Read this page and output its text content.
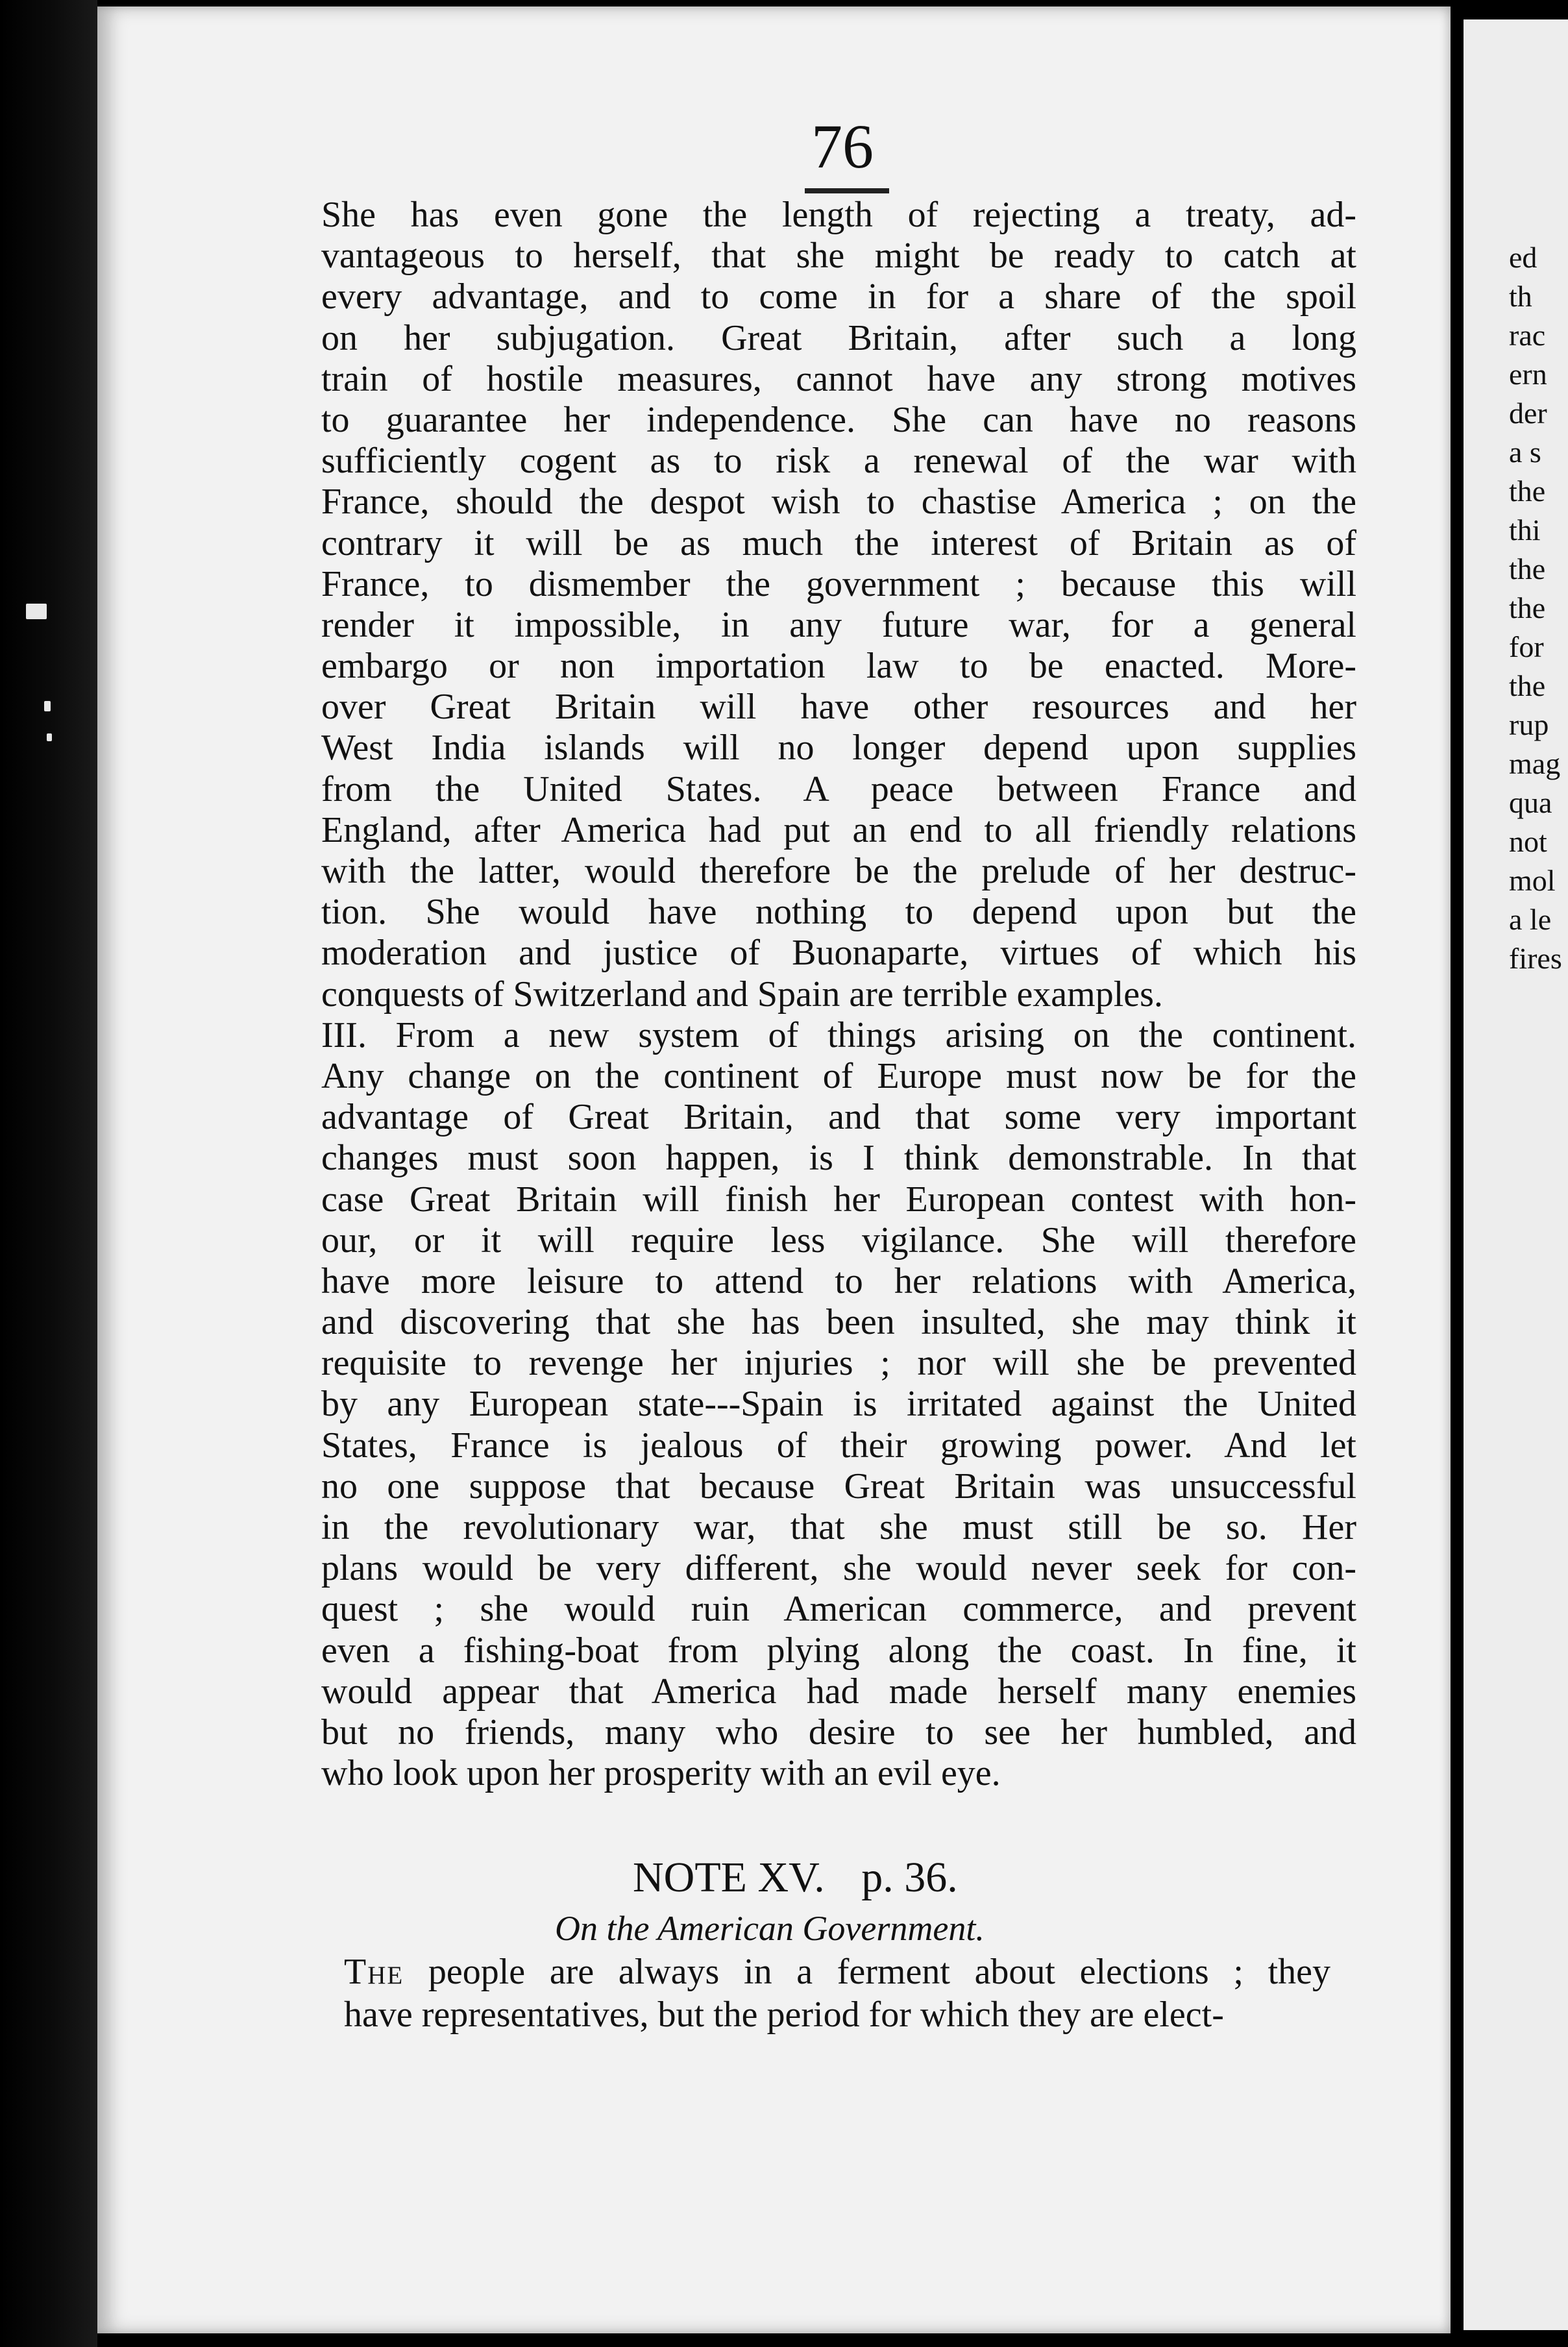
ed
th
rac
ern
der
a s
the
thi
the
the
for
the
rup
mag
qua
not
mol
a le
fires
76
She has even gone the length of rejecting a treaty, ad-
vantageous to herself, that she might be ready to catch at
every advantage, and to come in for a share of the spoil
on her subjugation. Great Britain, after such a long
train of hostile measures, cannot have any strong motives
to guarantee her independence. She can have no reasons
sufficiently cogent as to risk a renewal of the war with
France, should the despot wish to chastise America ; on the
contrary it will be as much the interest of Britain as of
France, to dismember the government ; because this will
render it impossible, in any future war, for a general
embargo or non importation law to be enacted. More-
over Great Britain will have other resources and her
West India islands will no longer depend upon supplies
from the United States. A peace between France and
England, after America had put an end to all friendly relations
with the latter, would therefore be the prelude of her destruc-
tion. She would have nothing to depend upon but the
moderation and justice of Buonaparte, virtues of which his
conquests of Switzerland and Spain are terrible examples.
III. From a new system of things arising on the continent.
Any change on the continent of Europe must now be for the
advantage of Great Britain, and that some very important
changes must soon happen, is I think demonstrable. In that
case Great Britain will finish her European contest with hon-
our, or it will require less vigilance. She will therefore
have more leisure to attend to her relations with America,
and discovering that she has been insulted, she may think it
requisite to revenge her injuries ; nor will she be prevented
by any European state---Spain is irritated against the United
States, France is jealous of their growing power. And let
no one suppose that because Great Britain was unsuccessful
in the revolutionary war, that she must still be so. Her
plans would be very different, she would never seek for con-
quest ; she would ruin American commerce, and prevent
even a fishing-boat from plying along the coast. In fine, it
would appear that America had made herself many enemies
but no friends, many who desire to see her humbled, and
who look upon her prosperity with an evil eye.
NOTE XV. p. 36.
On the American Government.
The people are always in a ferment about elections ; they
have representatives, but the period for which they are elect-
